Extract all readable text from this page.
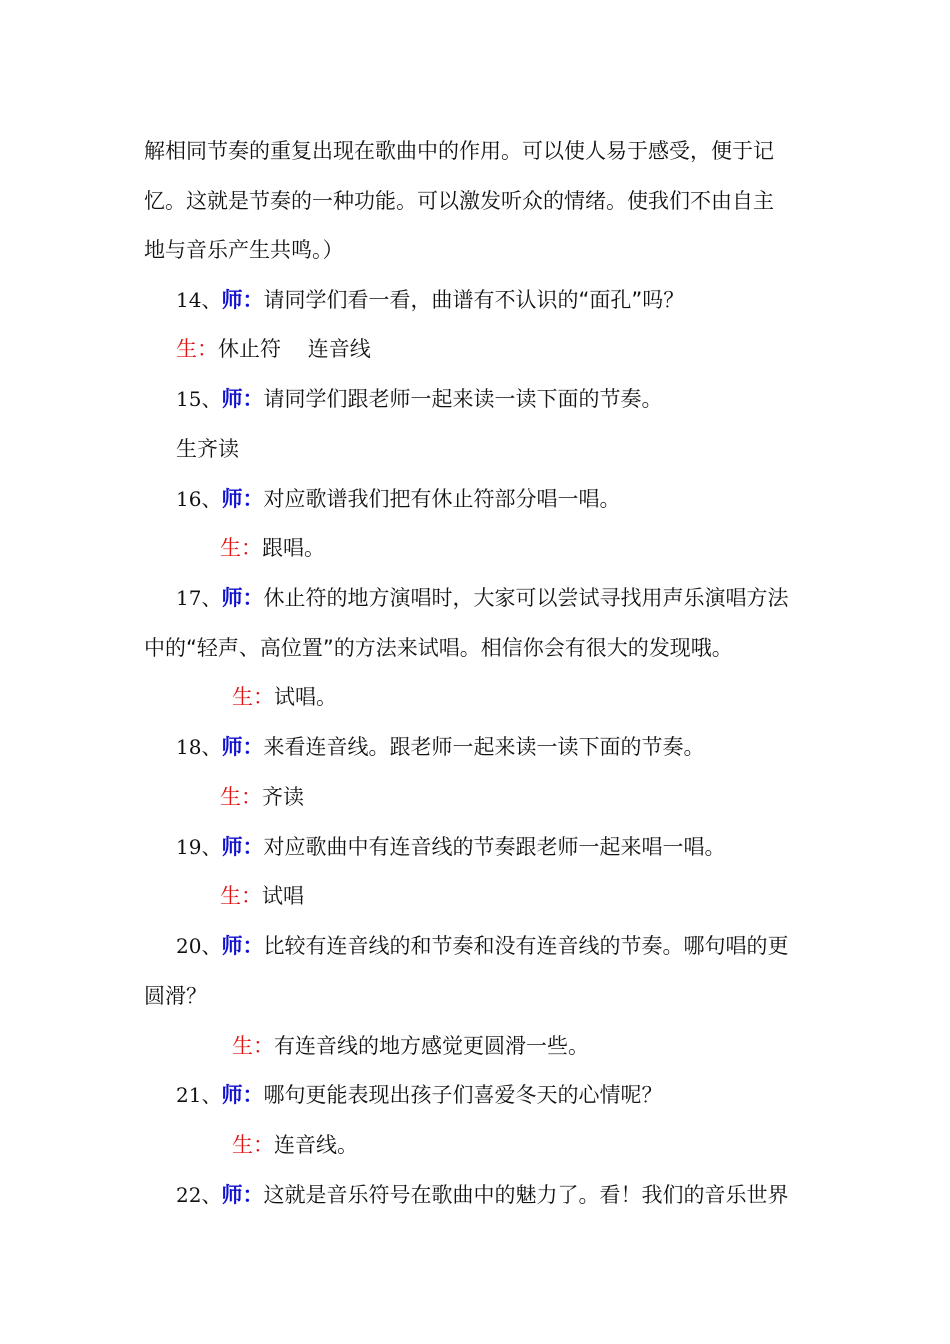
解相同节奏的重复出现在歌曲中的作用。可以使人易于感受，便于记
忆。这就是节奏的一种功能。可以激发听众的情绪。使我们不由自主
地与音乐产生共鸣。）
14、师：请同学们看一看，曲谱有不认识的“面孔”吗？
生：休止符    连音线
15、师：请同学们跟老师一起来读一读下面的节奏。
生齐读
16、师：对应歌谱我们把有休止符部分唱一唱。
生：跟唱。
17、师：休止符的地方演唱时，大家可以尝试寻找用声乐演唱方法
中的“轻声、高位置”的方法来试唱。相信你会有很大的发现哦。
生：试唱。
18、师：来看连音线。跟老师一起来读一读下面的节奏。
生：齐读
19、师：对应歌曲中有连音线的节奏跟老师一起来唱一唱。
生：试唱
20、师：比较有连音线的和节奏和没有连音线的节奏。哪句唱的更
圆滑？
生：有连音线的地方感觉更圆滑一些。
21、师：哪句更能表现出孩子们喜爱冬天的心情呢？
生：连音线。
22、师：这就是音乐符号在歌曲中的魅力了。看！我们的音乐世界
